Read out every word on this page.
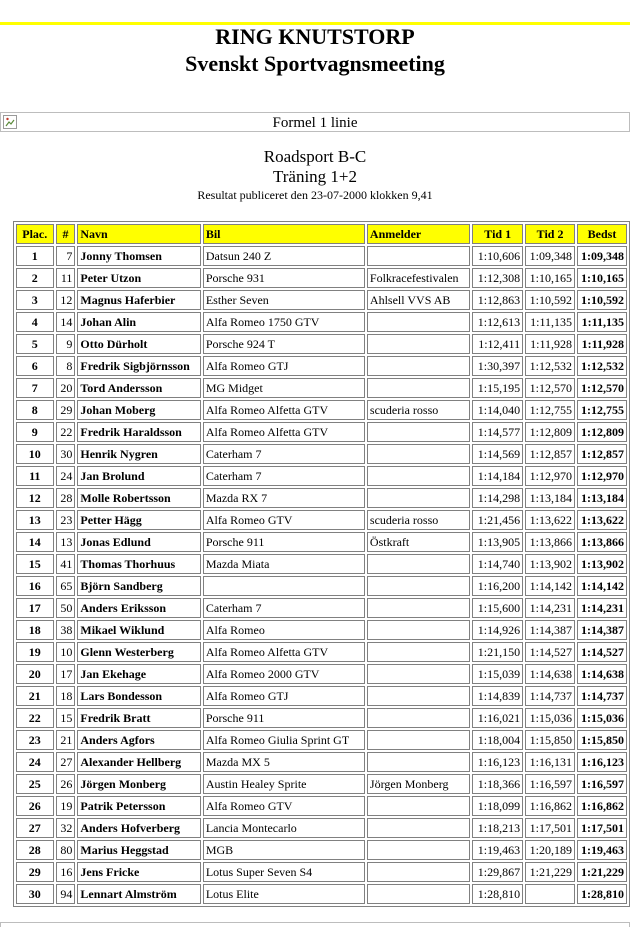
RING KNUTSTORP
Svenskt Sportvagnsmeeting
Formel 1 linie
Roadsport B-C
Träning 1+2
Resultat publiceret den 23-07-2000 klokken 9,41
Plac.	#	Navn	Bil	Anmelder	Tid 1	Tid 2	Bedst
1	7	Jonny Thomsen	Datsun 240 Z		1:10,606	1:09,348	1:09,348
2	11	Peter Utzon	Porsche 931	Folkracefestivalen	1:12,308	1:10,165	1:10,165
3	12	Magnus Haferbier	Esther Seven	Ahlsell VVS AB	1:12,863	1:10,592	1:10,592
4	14	Johan Alin	Alfa Romeo 1750 GTV		1:12,613	1:11,135	1:11,135
5	9	Otto Dürholt	Porsche 924 T		1:12,411	1:11,928	1:11,928
6	8	Fredrik Sigbjörnsson	Alfa Romeo GTJ		1:30,397	1:12,532	1:12,532
7	20	Tord Andersson	MG Midget		1:15,195	1:12,570	1:12,570
8	29	Johan Moberg	Alfa Romeo Alfetta GTV	scuderia rosso	1:14,040	1:12,755	1:12,755
9	22	Fredrik Haraldsson	Alfa Romeo Alfetta GTV		1:14,577	1:12,809	1:12,809
10	30	Henrik Nygren	Caterham 7		1:14,569	1:12,857	1:12,857
11	24	Jan Brolund	Caterham 7		1:14,184	1:12,970	1:12,970
12	28	Molle Robertsson	Mazda RX 7		1:14,298	1:13,184	1:13,184
13	23	Petter Hägg	Alfa Romeo GTV	scuderia rosso	1:21,456	1:13,622	1:13,622
14	13	Jonas Edlund	Porsche 911	Östkraft	1:13,905	1:13,866	1:13,866
15	41	Thomas Thorhuus	Mazda Miata		1:14,740	1:13,902	1:13,902
16	65	Björn Sandberg			1:16,200	1:14,142	1:14,142
17	50	Anders Eriksson	Caterham 7		1:15,600	1:14,231	1:14,231
18	38	Mikael Wiklund	Alfa Romeo		1:14,926	1:14,387	1:14,387
19	10	Glenn Westerberg	Alfa Romeo Alfetta GTV		1:21,150	1:14,527	1:14,527
20	17	Jan Ekehage	Alfa Romeo 2000 GTV		1:15,039	1:14,638	1:14,638
21	18	Lars Bondesson	Alfa Romeo GTJ		1:14,839	1:14,737	1:14,737
22	15	Fredrik Bratt	Porsche 911		1:16,021	1:15,036	1:15,036
23	21	Anders Agfors	Alfa Romeo Giulia Sprint GT		1:18,004	1:15,850	1:15,850
24	27	Alexander Hellberg	Mazda MX 5		1:16,123	1:16,131	1:16,123
25	26	Jörgen Monberg	Austin Healey Sprite	Jörgen Monberg	1:18,366	1:16,597	1:16,597
26	19	Patrik Petersson	Alfa Romeo GTV		1:18,099	1:16,862	1:16,862
27	32	Anders Hofverberg	Lancia Montecarlo		1:18,213	1:17,501	1:17,501
28	80	Marius Heggstad	MGB		1:19,463	1:20,189	1:19,463
29	16	Jens Fricke	Lotus Super Seven S4		1:29,867	1:21,229	1:21,229
30	94	Lennart Almström	Lotus Elite		1:28,810		1:28,810
